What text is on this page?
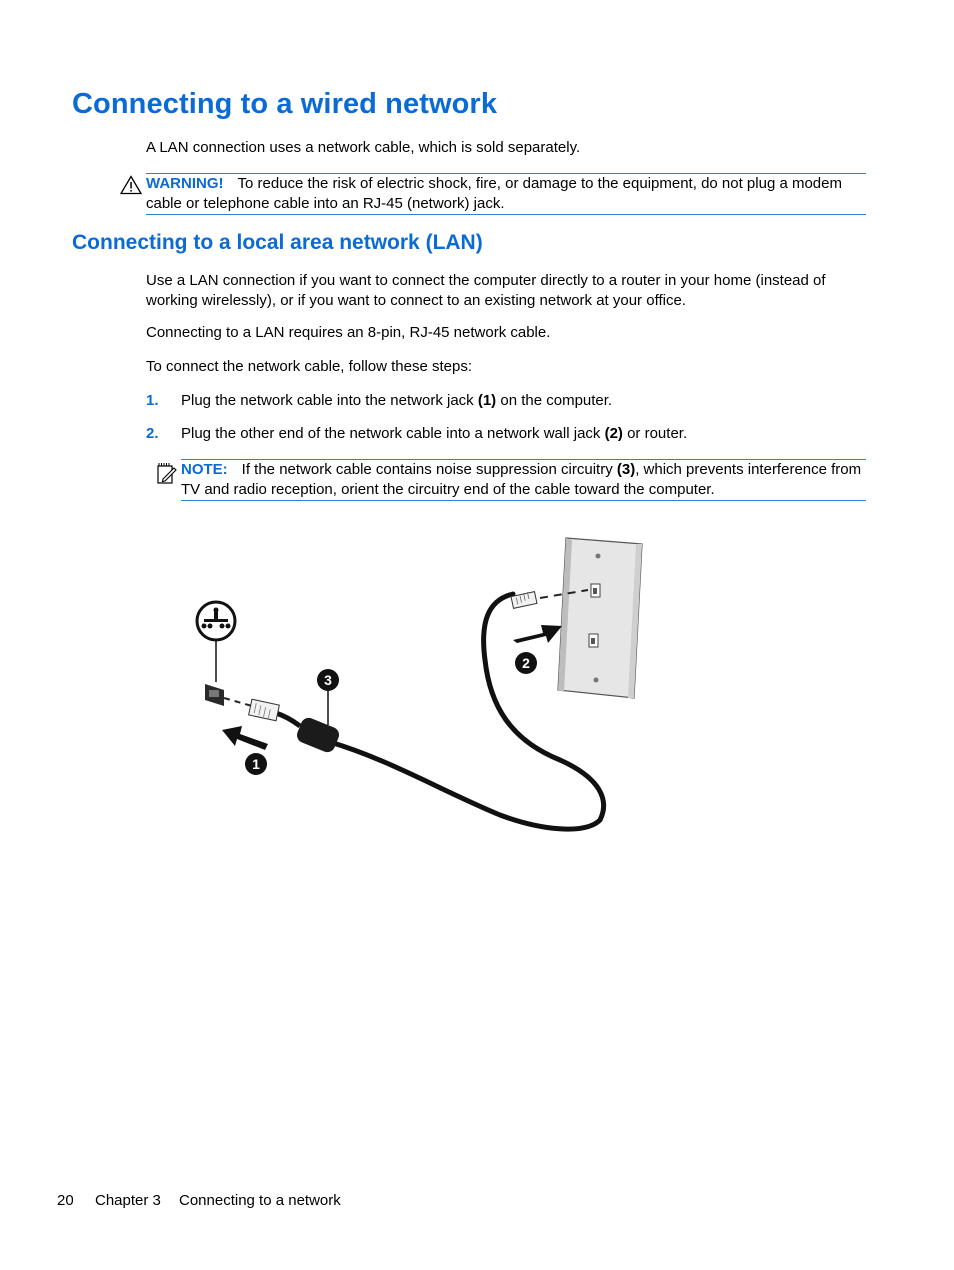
Connecting to a wired network
A LAN connection uses a network cable, which is sold separately.
WARNING! To reduce the risk of electric shock, fire, or damage to the equipment, do not plug a modem cable or telephone cable into an RJ-45 (network) jack.
Connecting to a local area network (LAN)
Use a LAN connection if you want to connect the computer directly to a router in your home (instead of working wirelessly), or if you want to connect to an existing network at your office.
Connecting to a LAN requires an 8-pin, RJ-45 network cable.
To connect the network cable, follow these steps:
1. Plug the network cable into the network jack (1) on the computer.
2. Plug the other end of the network cable into a network wall jack (2) or router.
NOTE: If the network cable contains noise suppression circuitry (3), which prevents interference from TV and radio reception, orient the circuitry end of the cable toward the computer.
2
3
1
20 Chapter 3 Connecting to a network
